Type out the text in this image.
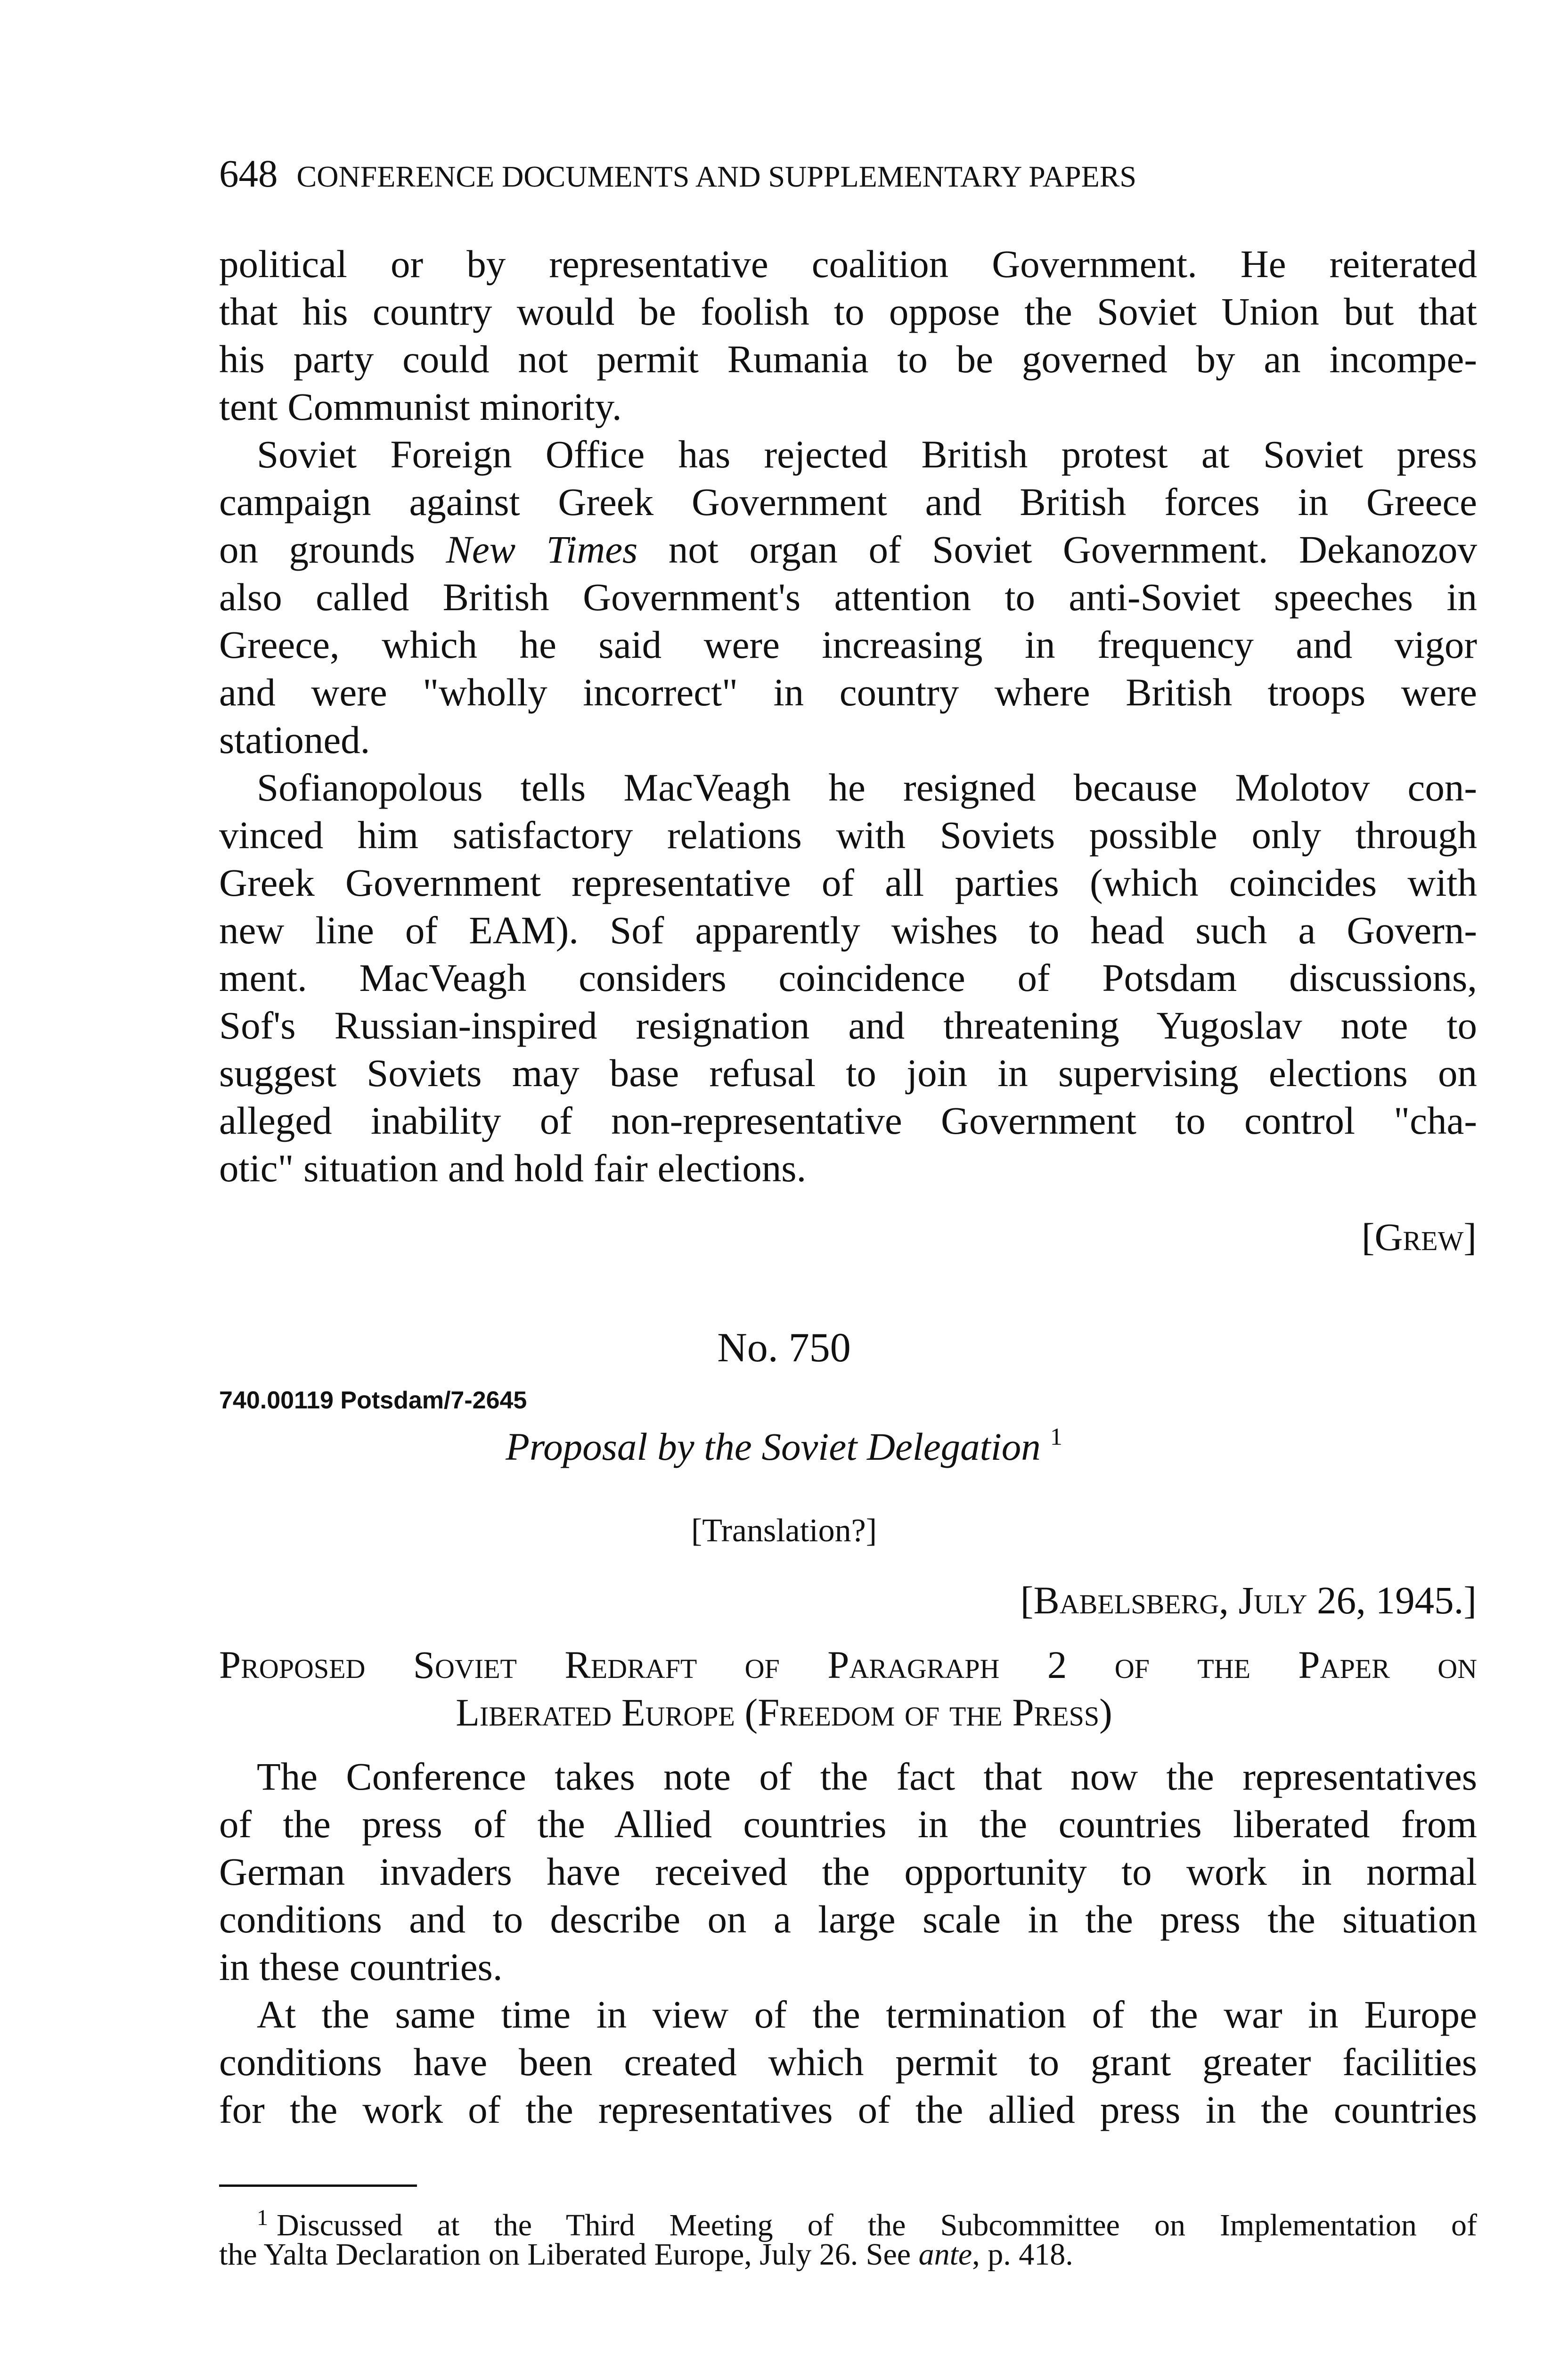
648 CONFERENCE DOCUMENTS AND SUPPLEMENTARY PAPERS
political or by representative coalition Government. He reiterated
that his country would be foolish to oppose the Soviet Union but that
his party could not permit Rumania to be governed by an incompe-
tent Communist minority.
Soviet Foreign Office has rejected British protest at Soviet press
campaign against Greek Government and British forces in Greece
on grounds New Times not organ of Soviet Government. Dekanozov
also called British Government's attention to anti-Soviet speeches in
Greece, which he said were increasing in frequency and vigor
and were "wholly incorrect" in country where British troops were
stationed.
Sofianopolous tells MacVeagh he resigned because Molotov con-
vinced him satisfactory relations with Soviets possible only through
Greek Government representative of all parties (which coincides with
new line of EAM). Sof apparently wishes to head such a Govern-
ment. MacVeagh considers coincidence of Potsdam discussions,
Sof's Russian-inspired resignation and threatening Yugoslav note to
suggest Soviets may base refusal to join in supervising elections on
alleged inability of non-representative Government to control "cha-
otic" situation and hold fair elections.
[Grew]
No. 750
740.00119 Potsdam/7-2645
Proposal by the Soviet Delegation $^1$
[Translation?]
[Babelsberg, July 26, 1945.]
Proposed Soviet Redraft of Paragraph 2 of the Paper on
Liberated Europe (Freedom of the Press)
The Conference takes note of the fact that now the representatives
of the press of the Allied countries in the countries liberated from
German invaders have received the opportunity to work in normal
conditions and to describe on a large scale in the press the situation
in these countries.
At the same time in view of the termination of the war in Europe
conditions have been created which permit to grant greater facilities
for the work of the representatives of the allied press in the countries
$^1$ Discussed at the Third Meeting of the Subcommittee on Implementation of
the Yalta Declaration on Liberated Europe, July 26. See ante, p. 418.
